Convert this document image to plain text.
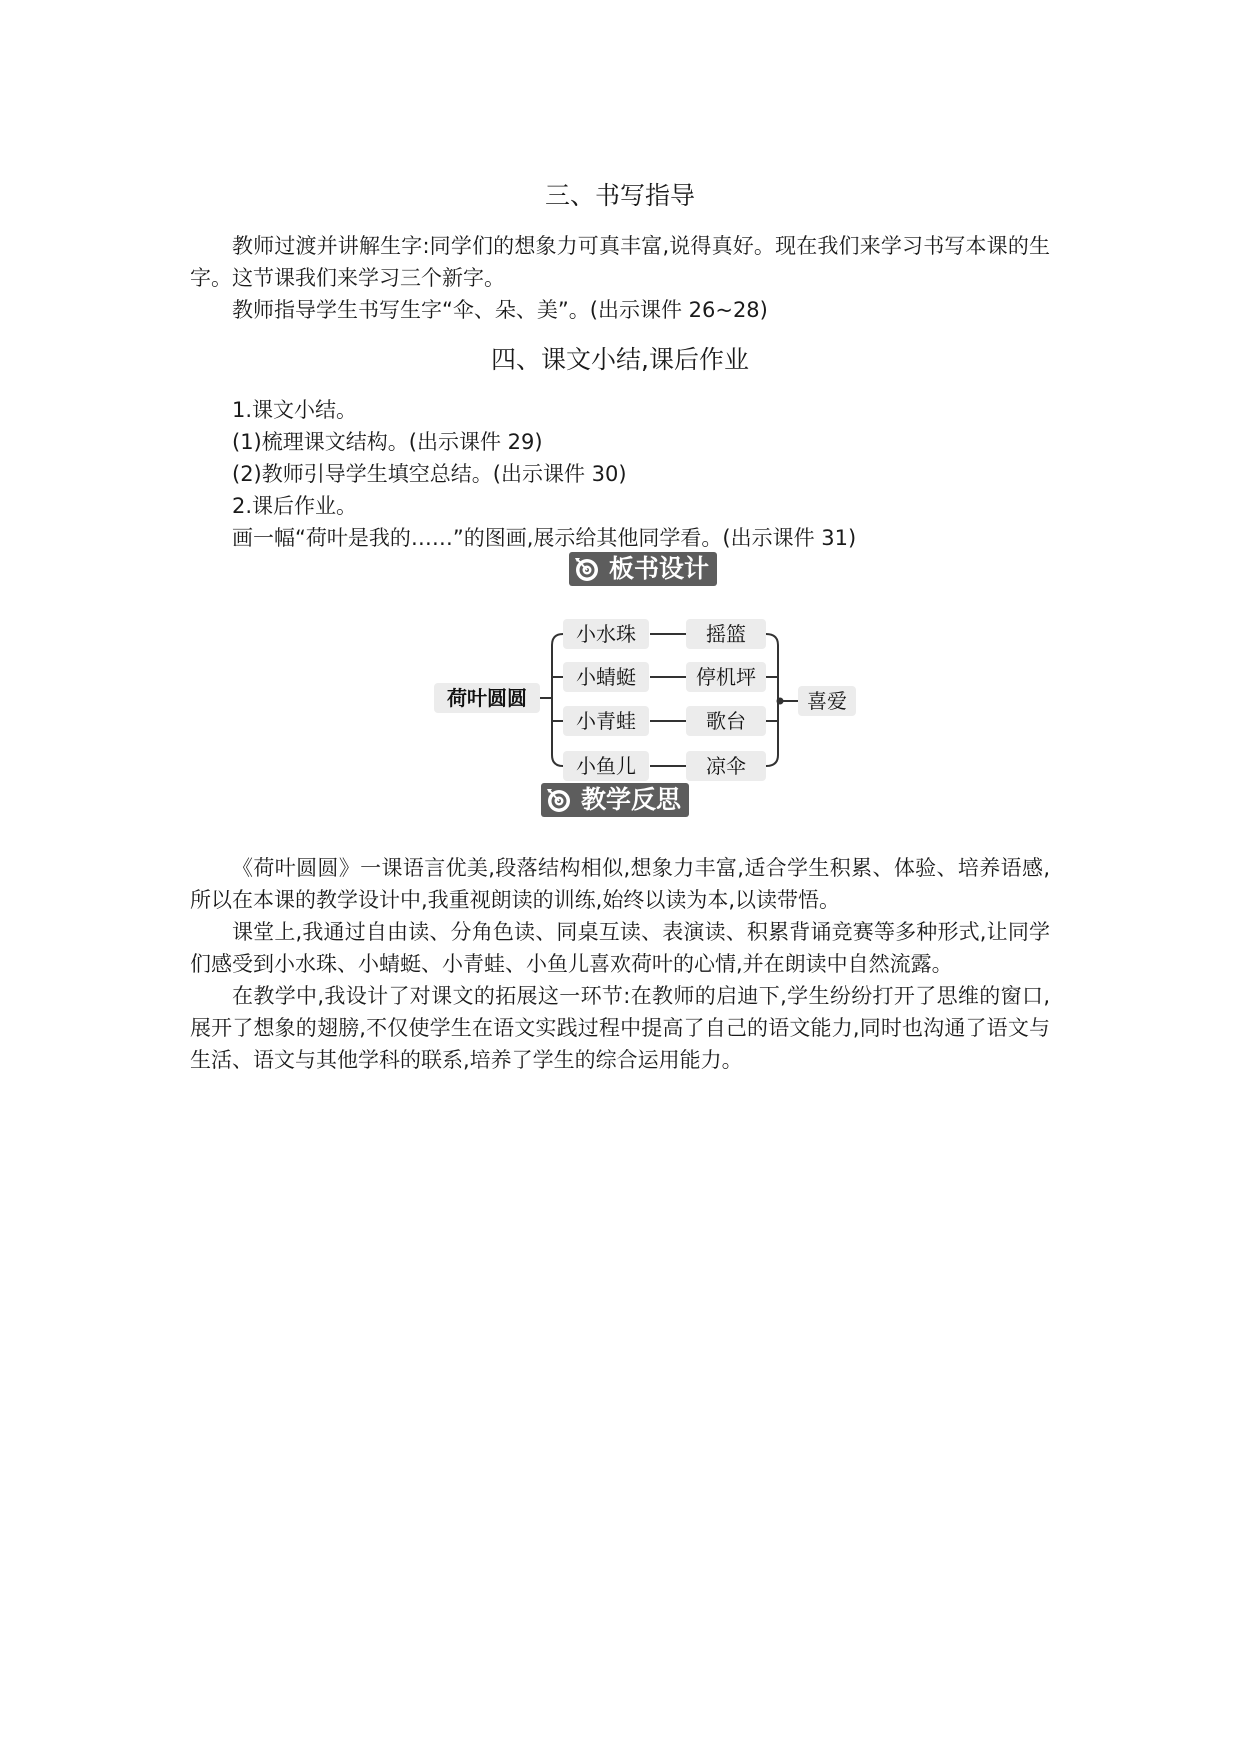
三、书写指导

教师过渡并讲解生字:同学们的想象力可真丰富,说得真好。现在我们来学习书写本课的生字。这节课我们来学习三个新字。

教师指导学生书写生字“伞、朵、美”。(出示课件 26~28)

四、课文小结,课后作业
1.课文小结。
(1)梳理课文结构。(出示课件 29)
(2)教师引导学生填空总结。(出示课件 30)
2.课后作业。
画一幅“荷叶是我的……”的图画,展示给其他同学看。(出示课件 31)
板书设计
荷叶圆圆
小水珠
小蜻蜓
小青蛙
小鱼儿
摇篮
停机坪
歌台
凉伞
喜爱
教学反思

《荷叶圆圆》一课语言优美,段落结构相似,想象力丰富,适合学生积累、体验、培养语感,所以在本课的教学设计中,我重视朗读的训练,始终以读为本,以读带悟。

课堂上,我通过自由读、分角色读、同桌互读、表演读、积累背诵竞赛等多种形式,让同学们感受到小水珠、小蜻蜓、小青蛙、小鱼儿喜欢荷叶的心情,并在朗读中自然流露。

在教学中,我设计了对课文的拓展这一环节:在教师的启迪下,学生纷纷打开了思维的窗口,展开了想象的翅膀,不仅使学生在语文实践过程中提高了自己的语文能力,同时也沟通了语文与生活、语文与其他学科的联系,培养了学生的综合运用能力。
